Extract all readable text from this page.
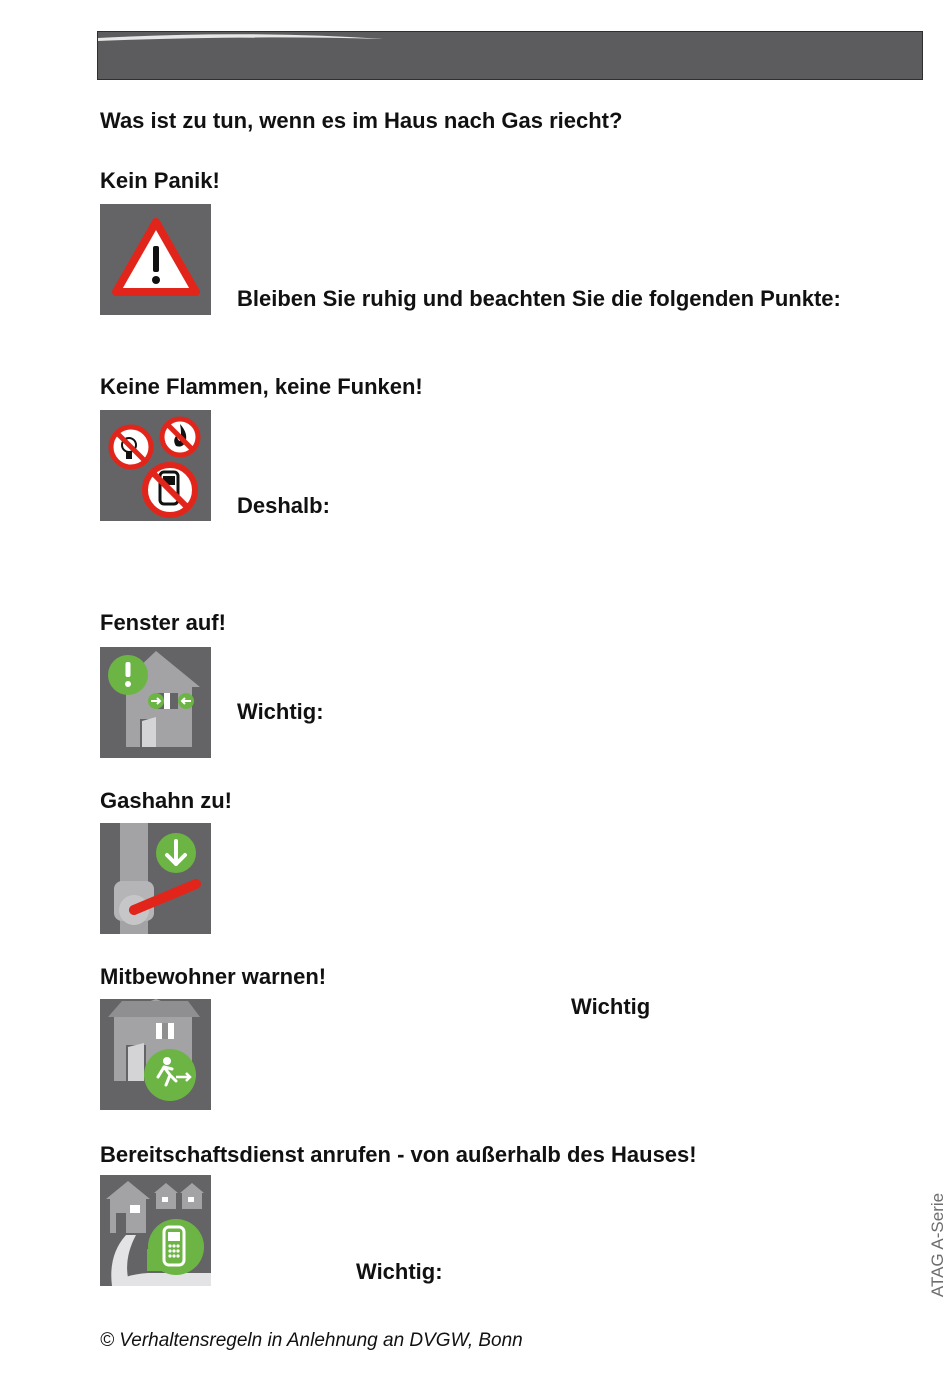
Was ist zu tun, wenn es im Haus nach Gas riecht?
Kein Panik!
Bleiben Sie ruhig und beachten Sie die folgenden Punkte:
Keine Flammen, keine Funken!
Deshalb:
Fenster auf!
Wichtig:
Gashahn zu!
Mitbewohner warnen!
Wichtig
Bereitschaftsdienst anrufen - von außerhalb des Hauses!
Wichtig:
© Verhaltensregeln in Anlehnung an DVGW, Bonn
ATAG A-Serie
